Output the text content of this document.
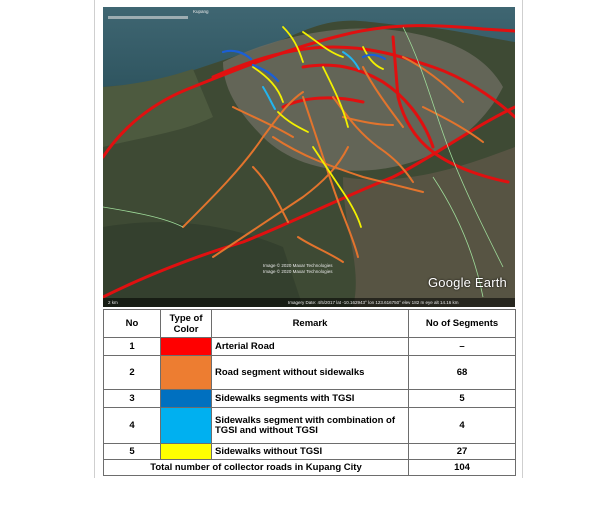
Kupang
Image © 2020 Maxar Technologies
Image © 2020 Maxar Technologies
2 km	Imagery Date: 4/5/2017 lat -10.162943° lon 123.616750° elev 182 m eye alt 14.16 km
Google Earth
No	Type of Color	Remark	No of Segments
1		Arterial Road	–
2		Road segment without sidewalks	68
3		Sidewalks segments with TGSI	5
4		Sidewalks segment with combination of TGSI and without TGSI	4
5		Sidewalks without TGSI	27
Total number of collector roads in Kupang City			104
